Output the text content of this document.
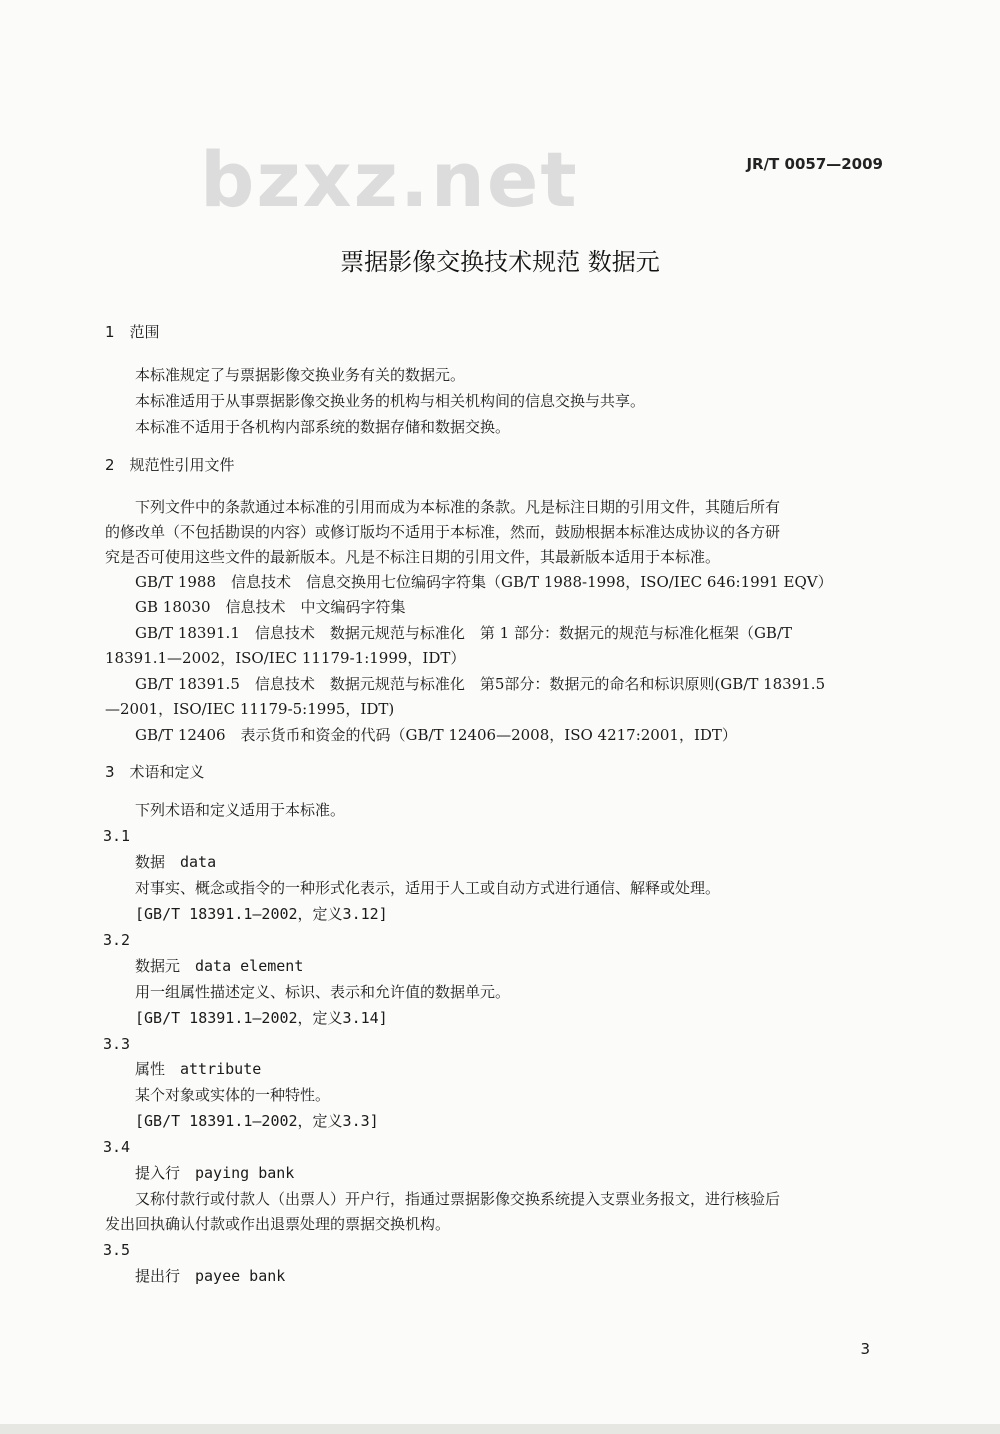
bzxz.net	JR/T 0057—2009
票据影像交换技术规范 数据元
1　范围
本标准规定了与票据影像交换业务有关的数据元。
本标准适用于从事票据影像交换业务的机构与相关机构间的信息交换与共享。
本标准不适用于各机构内部系统的数据存储和数据交换。
2　规范性引用文件
下列文件中的条款通过本标准的引用而成为本标准的条款。凡是标注日期的引用文件，其随后所有
的修改单（不包括勘误的内容）或修订版均不适用于本标准，然而，鼓励根据本标准达成协议的各方研
究是否可使用这些文件的最新版本。凡是不标注日期的引用文件，其最新版本适用于本标准。
GB/T 1988　信息技术　信息交换用七位编码字符集（GB/T 1988-1998，ISO/IEC 646:1991 EQV）
GB 18030　信息技术　中文编码字符集
GB/T 18391.1　信息技术　数据元规范与标准化　第 1 部分：数据元的规范与标准化框架（GB/T
18391.1—2002，ISO/IEC 11179-1:1999，IDT）
GB/T 18391.5　信息技术　数据元规范与标准化　第5部分：数据元的命名和标识原则(GB/T 18391.5
—2001，ISO/IEC 11179-5:1995，IDT)
GB/T 12406　表示货币和资金的代码（GB/T 12406—2008，ISO 4217:2001，IDT）
3　术语和定义
下列术语和定义适用于本标准。
3.1
数据　data
对事实、概念或指令的一种形式化表示，适用于人工或自动方式进行通信、解释或处理。
[GB/T 18391.1—2002，定义3.12]
3.2
数据元　data element
用一组属性描述定义、标识、表示和允许值的数据单元。
[GB/T 18391.1—2002，定义3.14]
3.3
属性　attribute
某个对象或实体的一种特性。
[GB/T 18391.1—2002，定义3.3]
3.4
提入行　paying bank
又称付款行或付款人（出票人）开户行，指通过票据影像交换系统提入支票业务报文，进行核验后
发出回执确认付款或作出退票处理的票据交换机构。
3.5
提出行　payee bank
3
